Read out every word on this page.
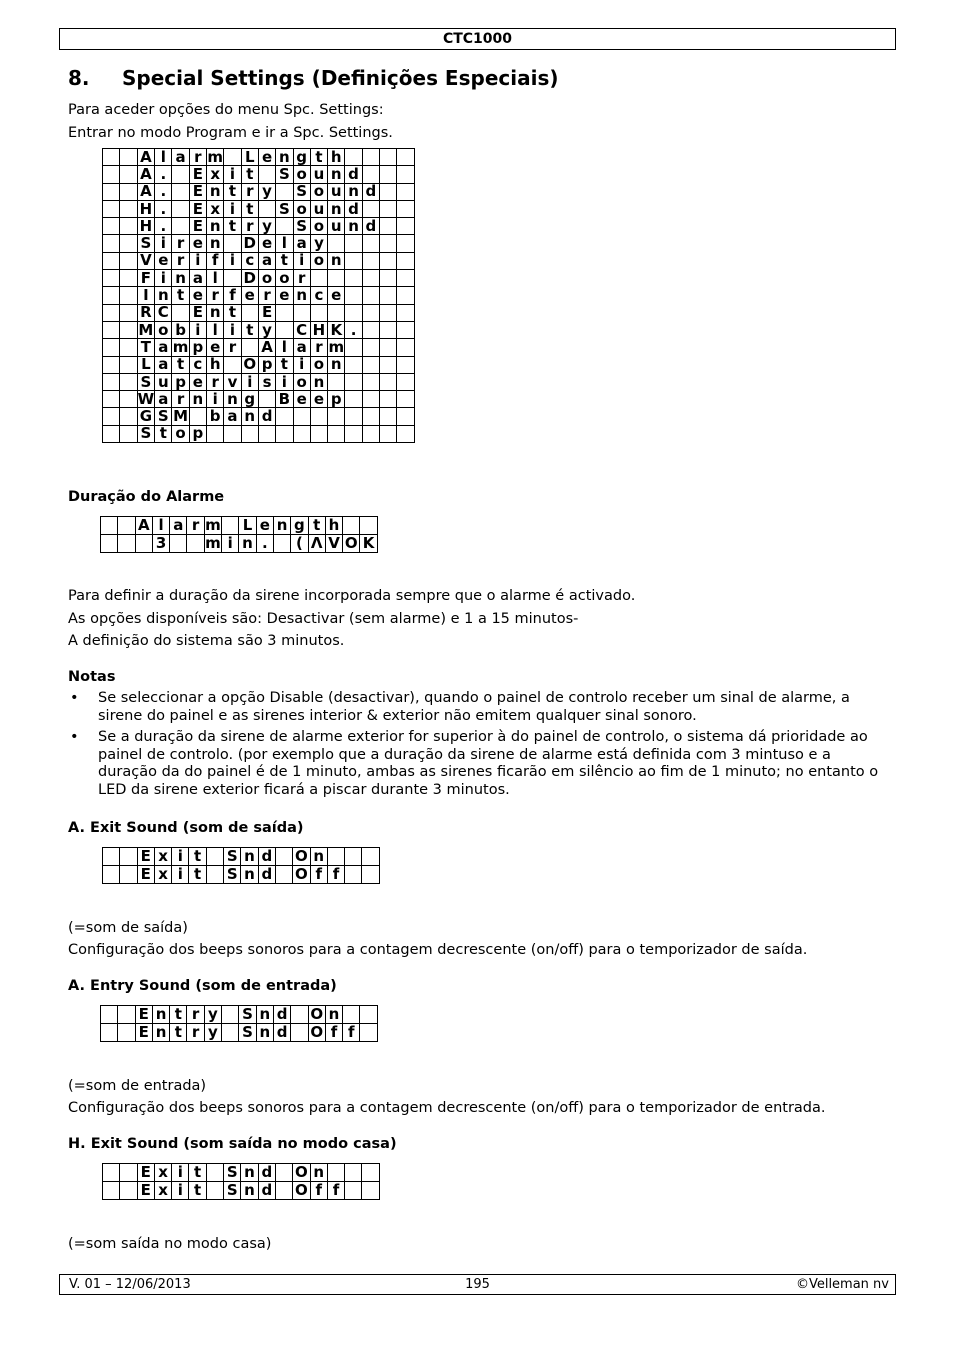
CTC1000
8. Special Settings (Definições Especiais)
Para aceder opções do menu Spc. Settings:
Entrar no modo Program e ir a Spc. Settings.
		A	l	a	r	m		L	e	n	g	t	h				
		A	.		E	x	i	t		S	o	u	n	d			
		A	.		E	n	t	r	y		S	o	u	n	d		
		H	.		E	x	i	t		S	o	u	n	d			
		H	.		E	n	t	r	y		S	o	u	n	d		
		S	i	r	e	n		D	e	l	a	y					
		V	e	r	i	f	i	c	a	t	i	o	n				
		F	i	n	a	l		D	o	o	r						
		I	n	t	e	r	f	e	r	e	n	c	e				
		R	C		E	n	t		E								
		M	o	b	i	l	i	t	y		C	H	K	.			
		T	a	m	p	e	r		A	l	a	r	m				
		L	a	t	c	h		O	p	t	i	o	n				
		S	u	p	e	r	v	i	s	i	o	n					
		W	a	r	n	i	n	g		B	e	e	p				
		G	S	M		b	a	n	d								
		S	t	o	p												
Duração do Alarme
		A	l	a	r	m		L	e	n	g	t	h		
			3			m	i	n	.		(	Λ	V	O	K
Para definir a duração da sirene incorporada sempre que o alarme é activado.
As opções disponíveis são: Desactivar (sem alarme) e 1 a 15 minutos-
A definição do sistema são 3 minutos.
Notas
•	Se seleccionar a opção Disable (desactivar), quando o painel de controlo receber um sinal de alarme, a sirene do painel e as sirenes interior & exterior não emitem qualquer sinal sonoro.
•	Se a duração da sirene de alarme exterior for superior à do painel de controlo, o sistema dá prioridade ao painel de controlo. (por exemplo que a duração da sirene de alarme está definida com 3 mintuso e a duração da do painel é de 1 minuto, ambas as sirenes ficarão em silêncio ao fim de 1 minuto; no entanto o LED da sirene exterior ficará a piscar durante 3 minutos.
A. Exit Sound (som de saída)
		E	x	i	t		S	n	d		O	n			
		E	x	i	t		S	n	d		O	f	f		
(=som de saída)
Configuração dos beeps sonoros para a contagem decrescente (on/off) para o temporizador de saída.
A. Entry Sound (som de entrada)
		E	n	t	r	y		S	n	d		O	n		
		E	n	t	r	y		S	n	d		O	f	f	
(=som de entrada)
Configuração dos beeps sonoros para a contagem decrescente (on/off) para o temporizador de entrada.
H. Exit Sound (som saída no modo casa)
		E	x	i	t		S	n	d		O	n			
		E	x	i	t		S	n	d		O	f	f		
(=som saída no modo casa)
V. 01 – 12/06/2013	195	©Velleman nv
